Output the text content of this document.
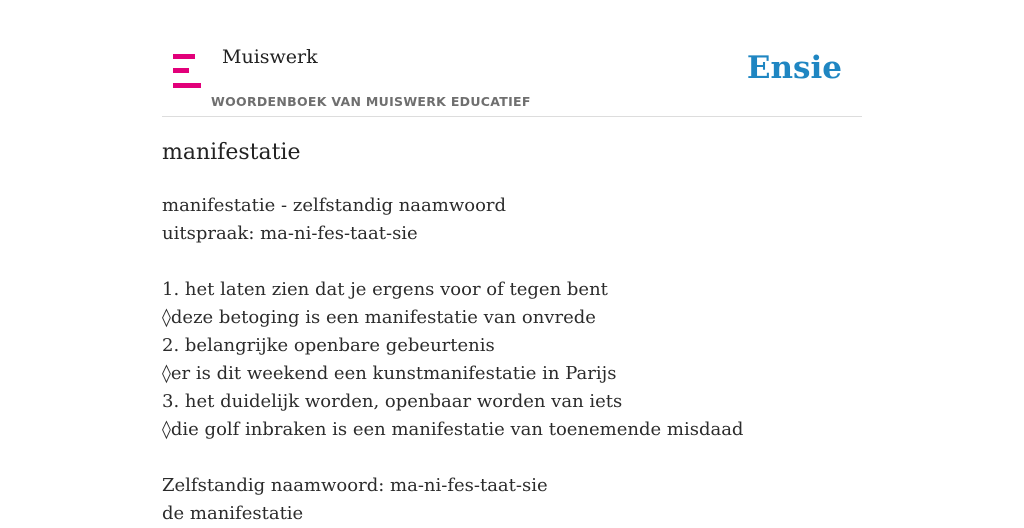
Muiswerk
WOORDENBOEK VAN MUISWERK EDUCATIEF
Ensie
manifestatie
manifestatie - zelfstandig naamwoord
uitspraak: ma-ni-fes-taat-sie
1. het laten zien dat je ergens voor of tegen bent
◊deze betoging is een manifestatie van onvrede
2. belangrijke openbare gebeurtenis
◊er is dit weekend een kunstmanifestatie in Parijs
3. het duidelijk worden, openbaar worden van iets
◊die golf inbraken is een manifestatie van toenemende misdaad
Zelfstandig naamwoord: ma-ni-fes-taat-sie
de manifestatie
